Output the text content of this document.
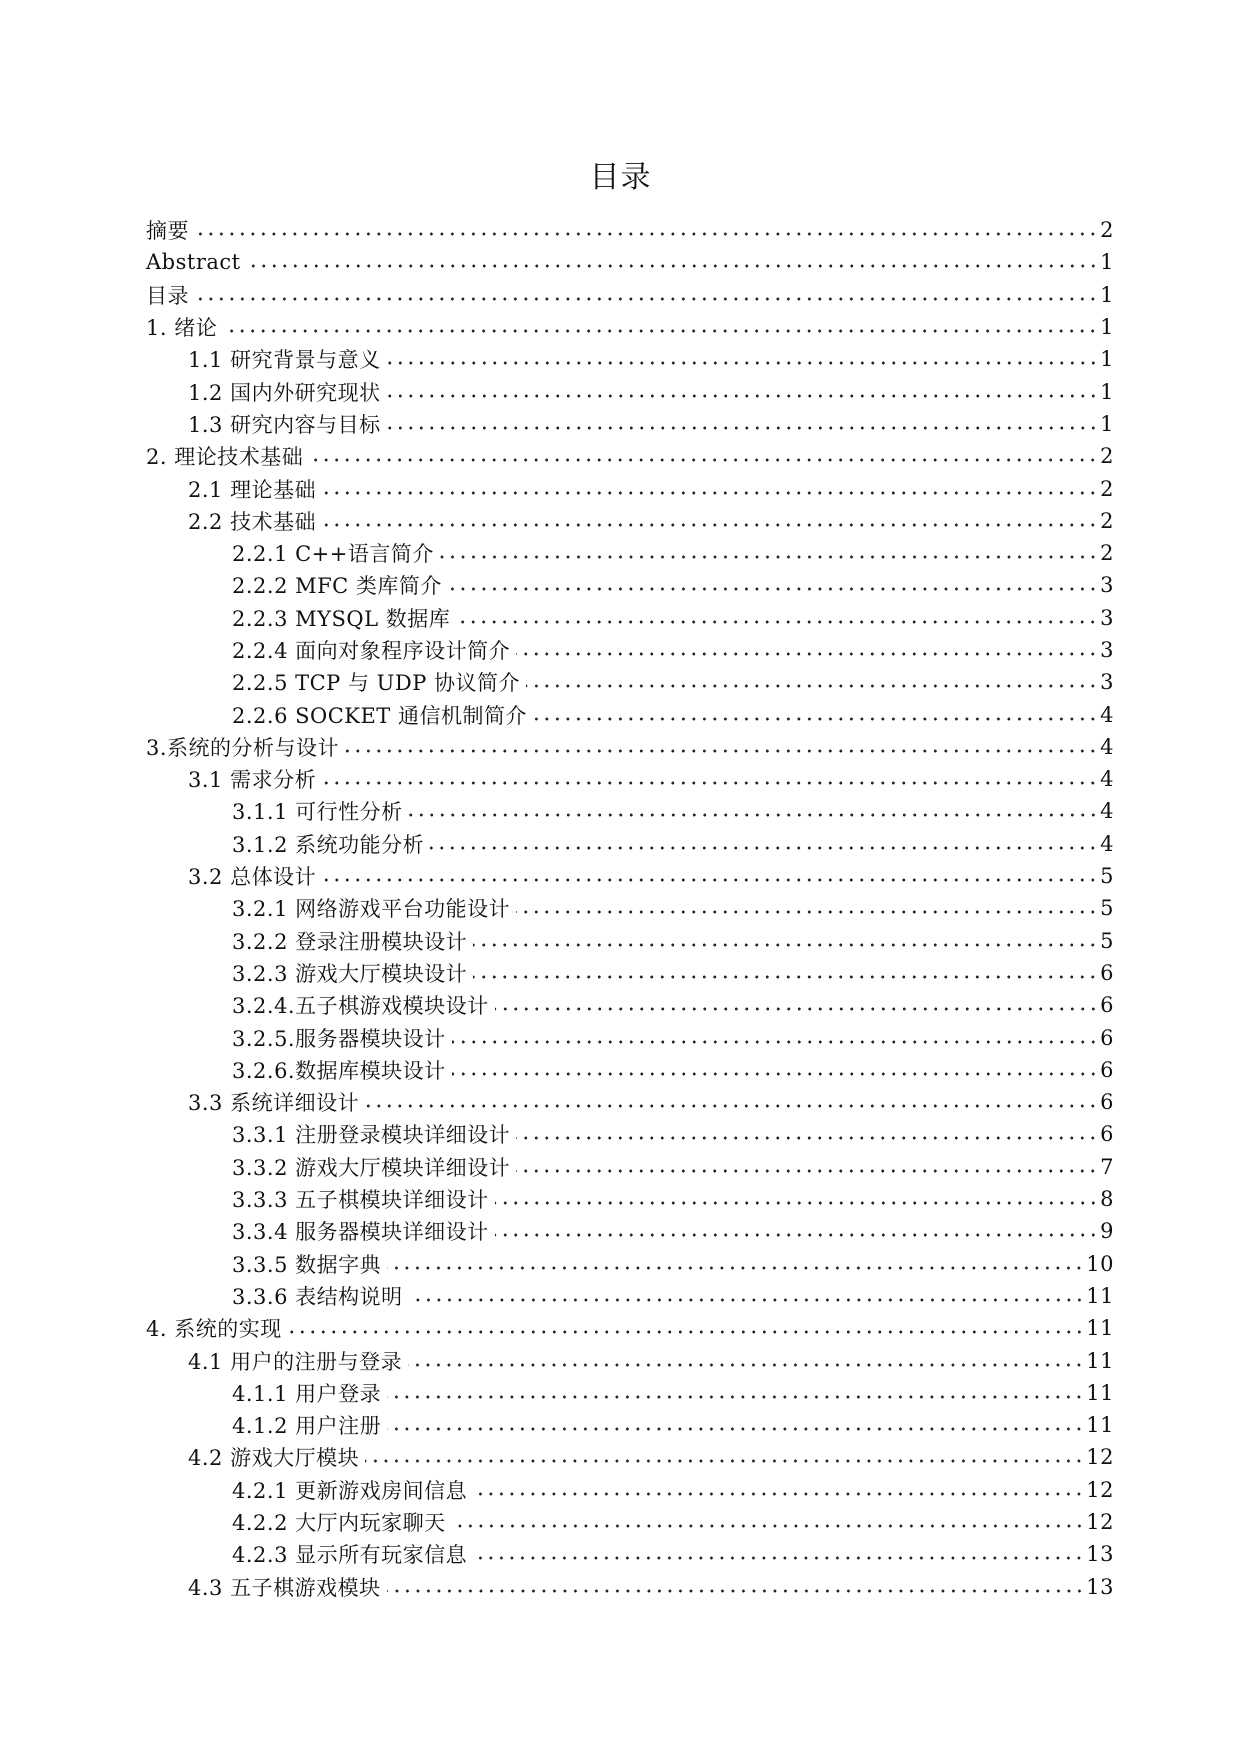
目录
摘要	2
Abstract	1
目录	1
1. 绪论	1
1.1 研究背景与意义	1
1.2 国内外研究现状	1
1.3 研究内容与目标	1
2. 理论技术基础	2
2.1 理论基础	2
2.2 技术基础	2
2.2.1 C++语言简介	2
2.2.2 MFC 类库简介	3
2.2.3 MYSQL 数据库	3
2.2.4 面向对象程序设计简介	3
2.2.5 TCP 与 UDP 协议简介	3
2.2.6 SOCKET 通信机制简介	4
3.系统的分析与设计	4
3.1 需求分析	4
3.1.1 可行性分析	4
3.1.2 系统功能分析	4
3.2 总体设计	5
3.2.1 网络游戏平台功能设计	5
3.2.2 登录注册模块设计	5
3.2.3 游戏大厅模块设计	6
3.2.4.五子棋游戏模块设计	6
3.2.5.服务器模块设计	6
3.2.6.数据库模块设计	6
3.3 系统详细设计	6
3.3.1 注册登录模块详细设计	6
3.3.2 游戏大厅模块详细设计	7
3.3.3 五子棋模块详细设计	8
3.3.4 服务器模块详细设计	9
3.3.5 数据字典	10
3.3.6 表结构说明	11
4. 系统的实现	11
4.1 用户的注册与登录	11
4.1.1 用户登录	11
4.1.2 用户注册	11
4.2 游戏大厅模块	12
4.2.1 更新游戏房间信息	12
4.2.2 大厅内玩家聊天	12
4.2.3 显示所有玩家信息	13
4.3 五子棋游戏模块	13
